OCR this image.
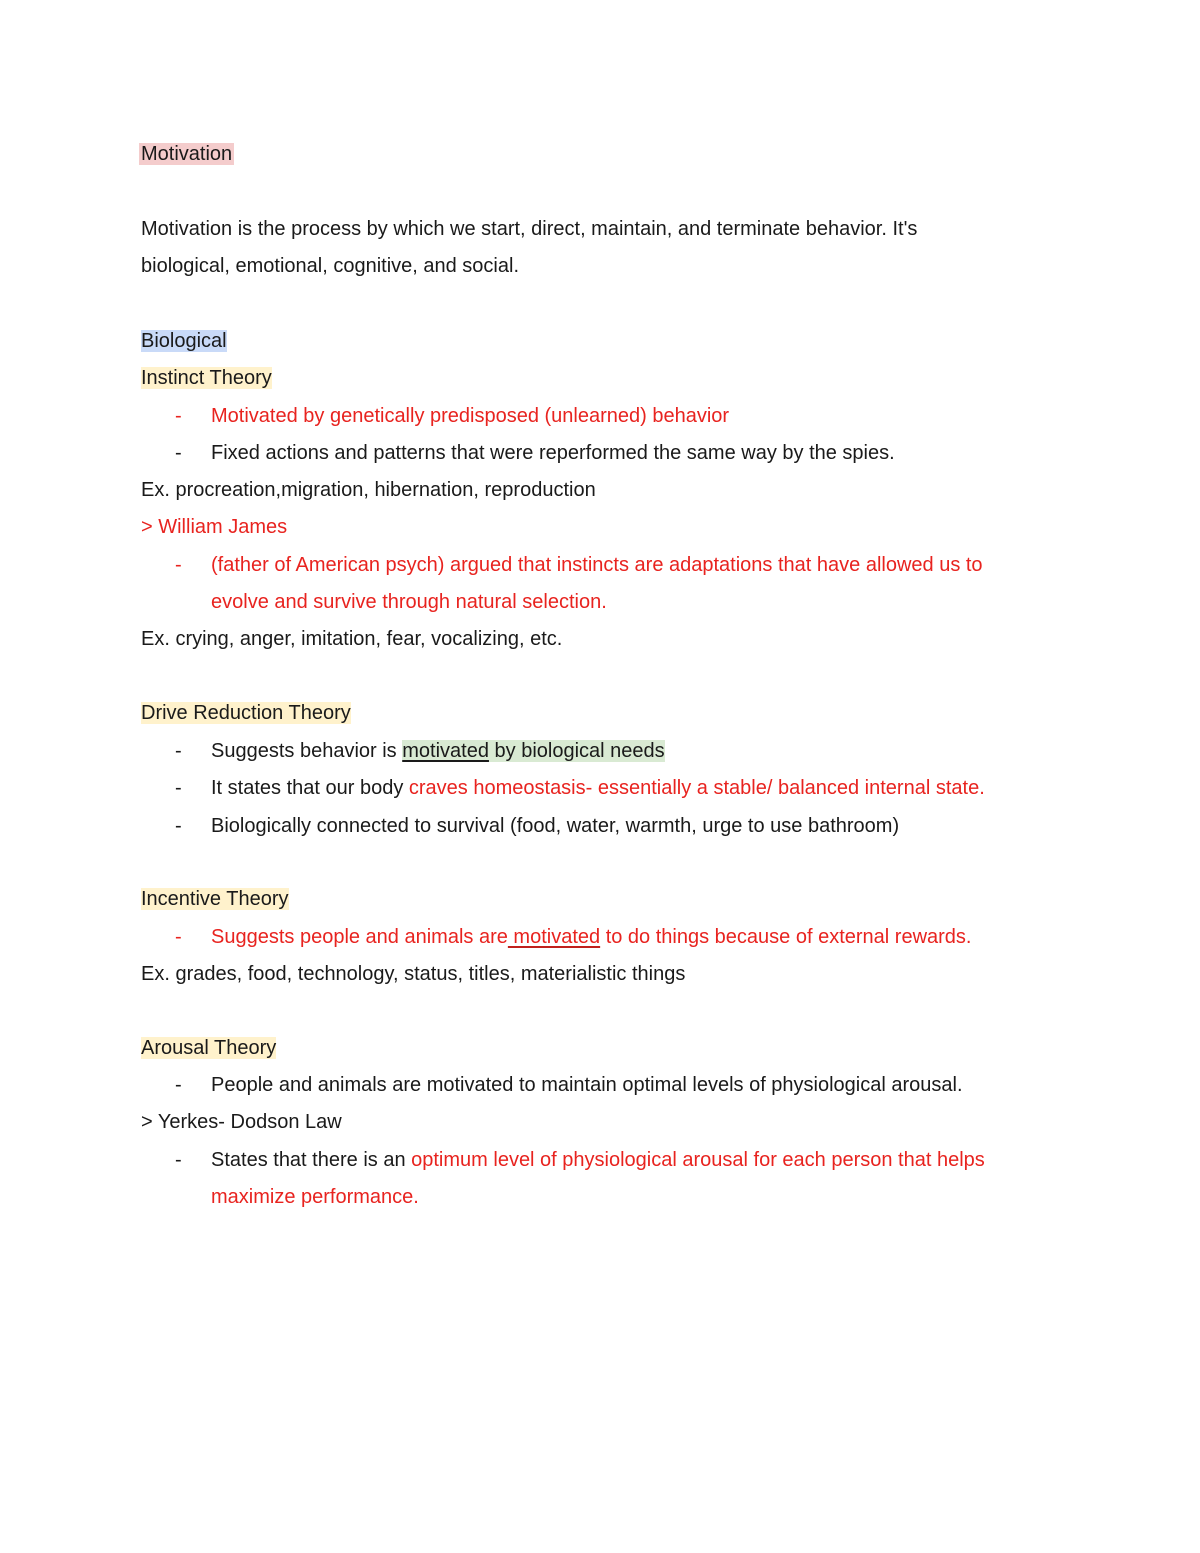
Motivation
Motivation is the process by which we start, direct, maintain, and terminate behavior. It's
biological, emotional, cognitive, and social.
Biological
Instinct Theory
- Motivated by genetically predisposed (unlearned) behavior
- Fixed actions and patterns that were reperformed the same way by the spies.
Ex. procreation,migration, hibernation, reproduction
> William James
- (father of American psych) argued that instincts are adaptations that have allowed us to
evolve and survive through natural selection.
Ex. crying, anger, imitation, fear, vocalizing, etc.
Drive Reduction Theory
- Suggests behavior is motivated by biological needs
- It states that our body craves homeostasis- essentially a stable/ balanced internal state.
- Biologically connected to survival (food, water, warmth, urge to use bathroom)
Incentive Theory
- Suggests people and animals are motivated to do things because of external rewards.
Ex. grades, food, technology, status, titles, materialistic things
Arousal Theory
- People and animals are motivated to maintain optimal levels of physiological arousal.
> Yerkes- Dodson Law
- States that there is an optimum level of physiological arousal for each person that helps
maximize performance.
